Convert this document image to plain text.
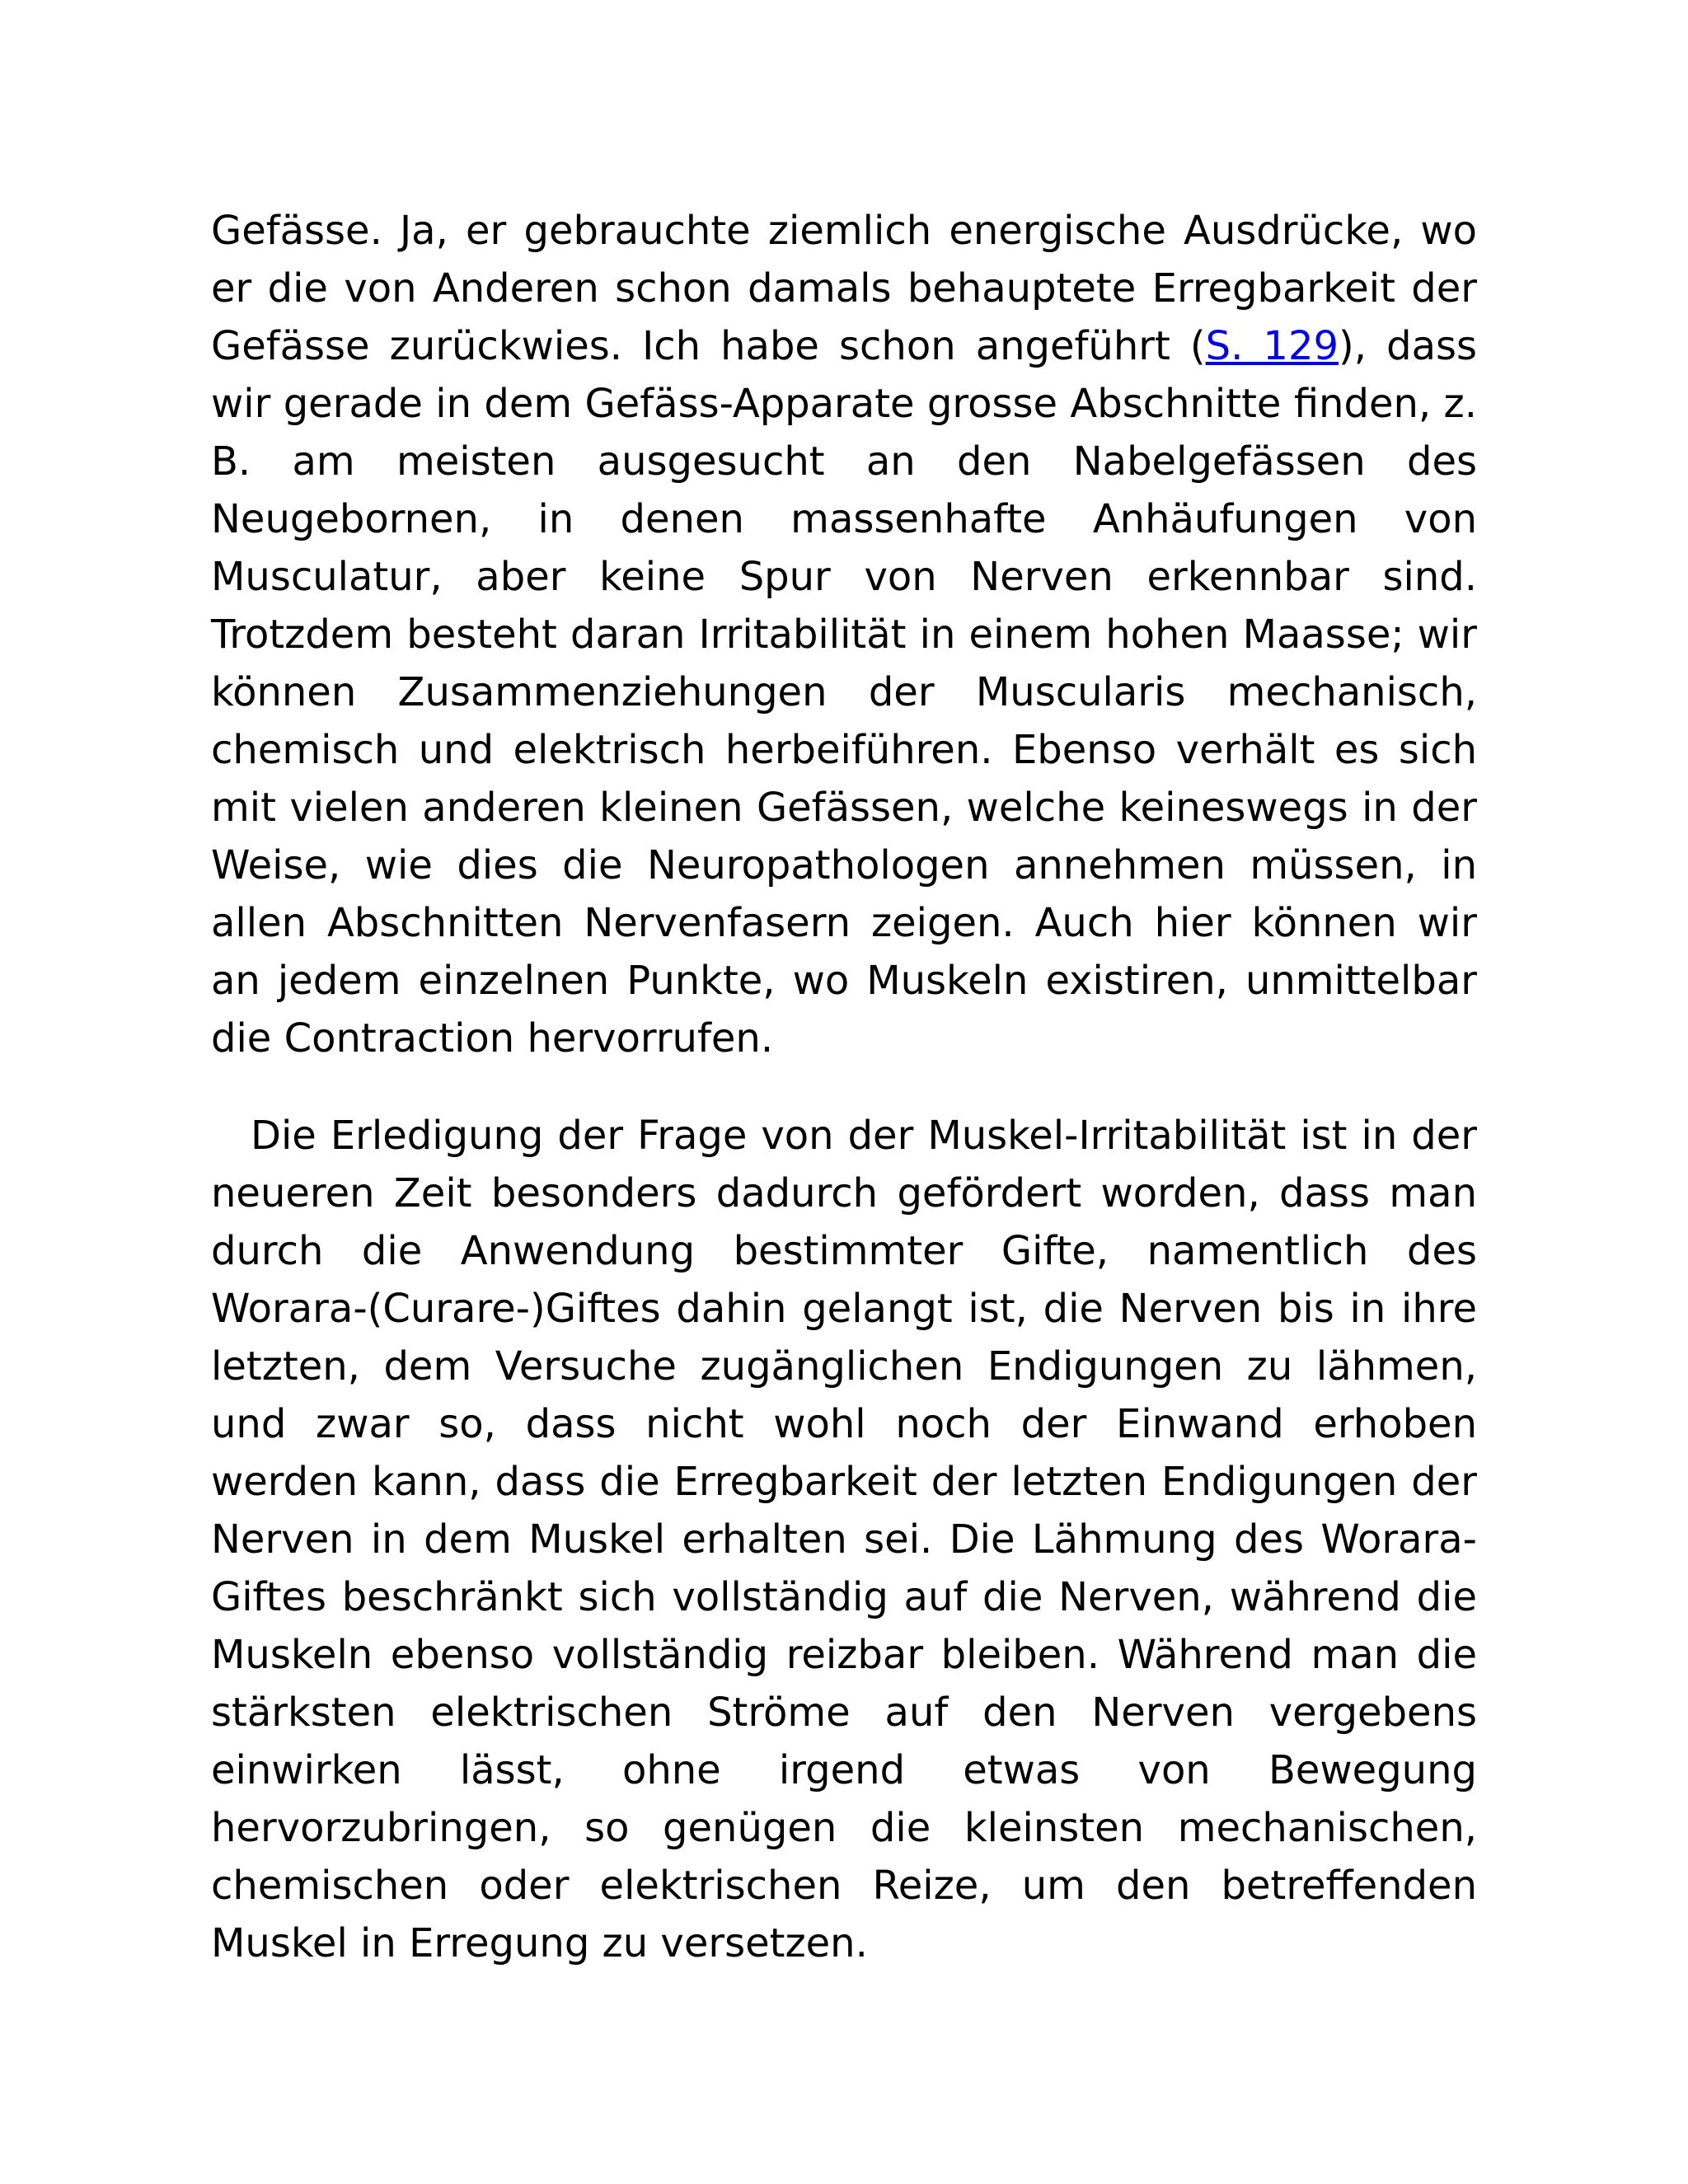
Gefässe. Ja, er gebrauchte ziemlich energische Ausdrücke, wo er die von Anderen schon damals behauptete Erregbarkeit der Gefässe zurückwies. Ich habe schon angeführt (S. 129), dass wir gerade in dem Gefäss-Apparate grosse Abschnitte finden, z. B. am meisten ausgesucht an den Nabelgefässen des Neugebornen, in denen massenhafte Anhäufungen von Musculatur, aber keine Spur von Nerven erkennbar sind. Trotzdem besteht daran Irritabilität in einem hohen Maasse; wir können Zusammenziehungen der Muscularis mechanisch, chemisch und elektrisch herbeiführen. Ebenso verhält es sich mit vielen anderen kleinen Gefässen, welche keineswegs in der Weise, wie dies die Neuropathologen annehmen müssen, in allen Abschnitten Nervenfasern zeigen. Auch hier können wir an jedem einzelnen Punkte, wo Muskeln existiren, unmittelbar die Contraction hervorrufen.

Die Erledigung der Frage von der Muskel-Irritabilität ist in der neueren Zeit besonders dadurch gefördert worden, dass man durch die Anwendung bestimmter Gifte, namentlich des Worara-(Curare-)Giftes dahin gelangt ist, die Nerven bis in ihre letzten, dem Versuche zugänglichen Endigungen zu lähmen, und zwar so, dass nicht wohl noch der Einwand erhoben werden kann, dass die Erregbarkeit der letzten Endigungen der Nerven in dem Muskel erhalten sei. Die Lähmung des Worara-Giftes beschränkt sich vollständig auf die Nerven, während die Muskeln ebenso vollständig reizbar bleiben. Während man die stärksten elektrischen Ströme auf den Nerven vergebens einwirken lässt, ohne irgend etwas von Bewegung hervorzubringen, so genügen die kleinsten mechanischen, chemischen oder elektrischen Reize, um den betreffenden Muskel in Erregung zu versetzen.
